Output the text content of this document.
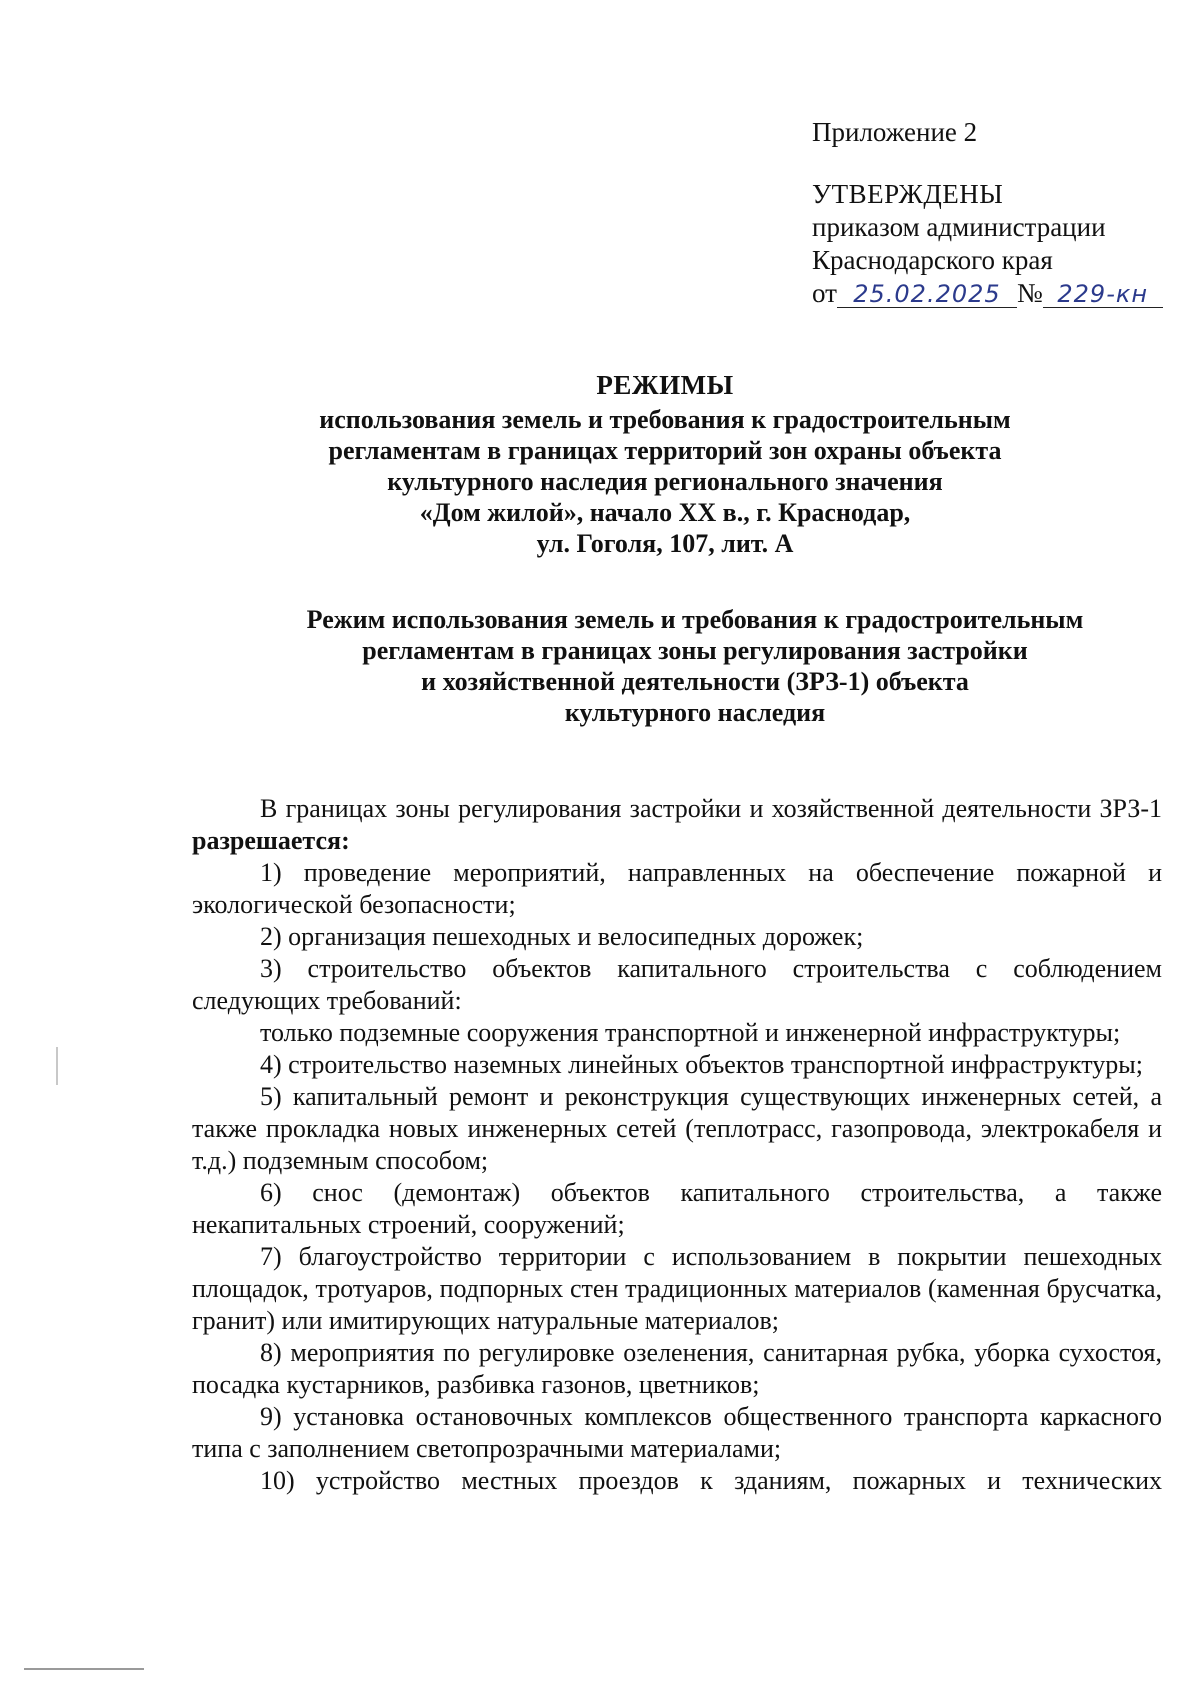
Приложение 2
УТВЕРЖДЕНЫ
приказом администрации
Краснодарского края
от 25.02.2025 № 229-кн
РЕЖИМЫ
использования земель и требования к градостроительным
регламентам в границах территорий зон охраны объекта
культурного наследия регионального значения
«Дом жилой», начало XX в., г. Краснодар,
ул. Гоголя, 107, лит. А
Режим использования земель и требования к градостроительным
регламентам в границах зоны регулирования застройки
и хозяйственной деятельности (ЗРЗ-1) объекта
культурного наследия

В границах зоны регулирования застройки и хозяйственной деятельности ЗРЗ-1 разрешается:

1) проведение мероприятий, направленных на обеспечение пожарной и экологической безопасности;

2) организация пешеходных и велосипедных дорожек;

3) строительство объектов капитального строительства с соблюдением следующих требований:

только подземные сооружения транспортной и инженерной инфраструктуры;

4) строительство наземных линейных объектов транспортной инфраструктуры;

5) капитальный ремонт и реконструкция существующих инженерных сетей, а также прокладка новых инженерных сетей (теплотрасс, газопровода, электрокабеля и т.д.) подземным способом;

6) снос (демонтаж) объектов капитального строительства, а также некапитальных строений, сооружений;

7) благоустройство территории с использованием в покрытии пешеходных площадок, тротуаров, подпорных стен традиционных материалов (каменная брусчатка, гранит) или имитирующих натуральные материалов;

8) мероприятия по регулировке озеленения, санитарная рубка, уборка сухостоя, посадка кустарников, разбивка газонов, цветников;

9) установка остановочных комплексов общественного транспорта каркасного типа с заполнением светопрозрачными материалами;

10) устройство местных проездов к зданиям, пожарных и технических
